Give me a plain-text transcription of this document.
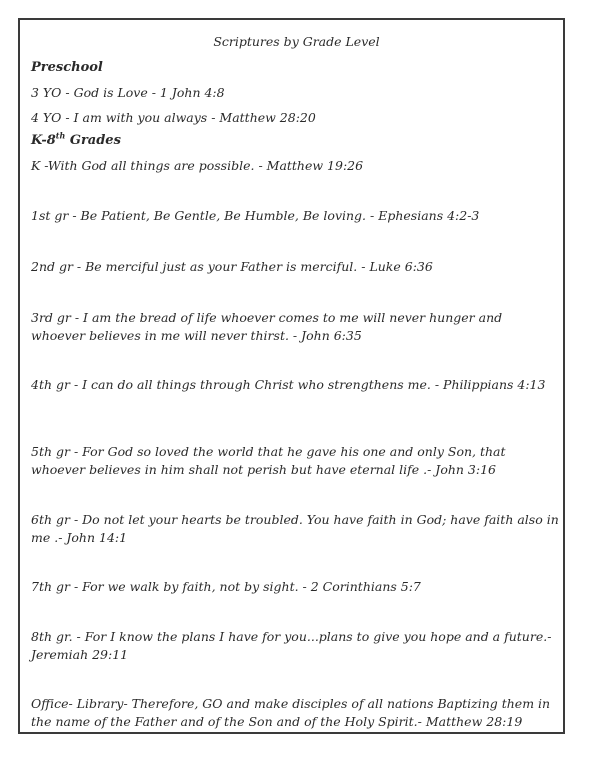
Scriptures by Grade Level
Preschool
3 YO - God is Love - 1 John 4:8
4 YO - I am with you always - Matthew 28:20
K-8th Grades
K -With God all things are possible. - Matthew 19:26
1st gr - Be Patient, Be Gentle, Be Humble, Be loving. - Ephesians 4:2-3
2nd gr - Be merciful just as your Father is merciful. - Luke 6:36
3rd gr - I am the bread of life whoever comes to me will never hunger and whoever believes in me will never thirst. - John 6:35
4th gr - I can do all things through Christ who strengthens me. - Philippians 4:13
5th gr - For God so loved the world that he gave his one and only Son, that whoever believes in him shall not perish but have eternal life .- John 3:16
6th gr - Do not let your hearts be troubled. You have faith in God; have faith also in me .- John 14:1
7th gr - For we walk by faith, not by sight. - 2 Corinthians 5:7
8th gr. - For I know the plans I have for you...plans to give you hope and a future.- Jeremiah 29:11
Office- Library- Therefore, GO and make disciples of all nations Baptizing them in the name of the Father and of the Son and of the Holy Spirit.- Matthew 28:19
